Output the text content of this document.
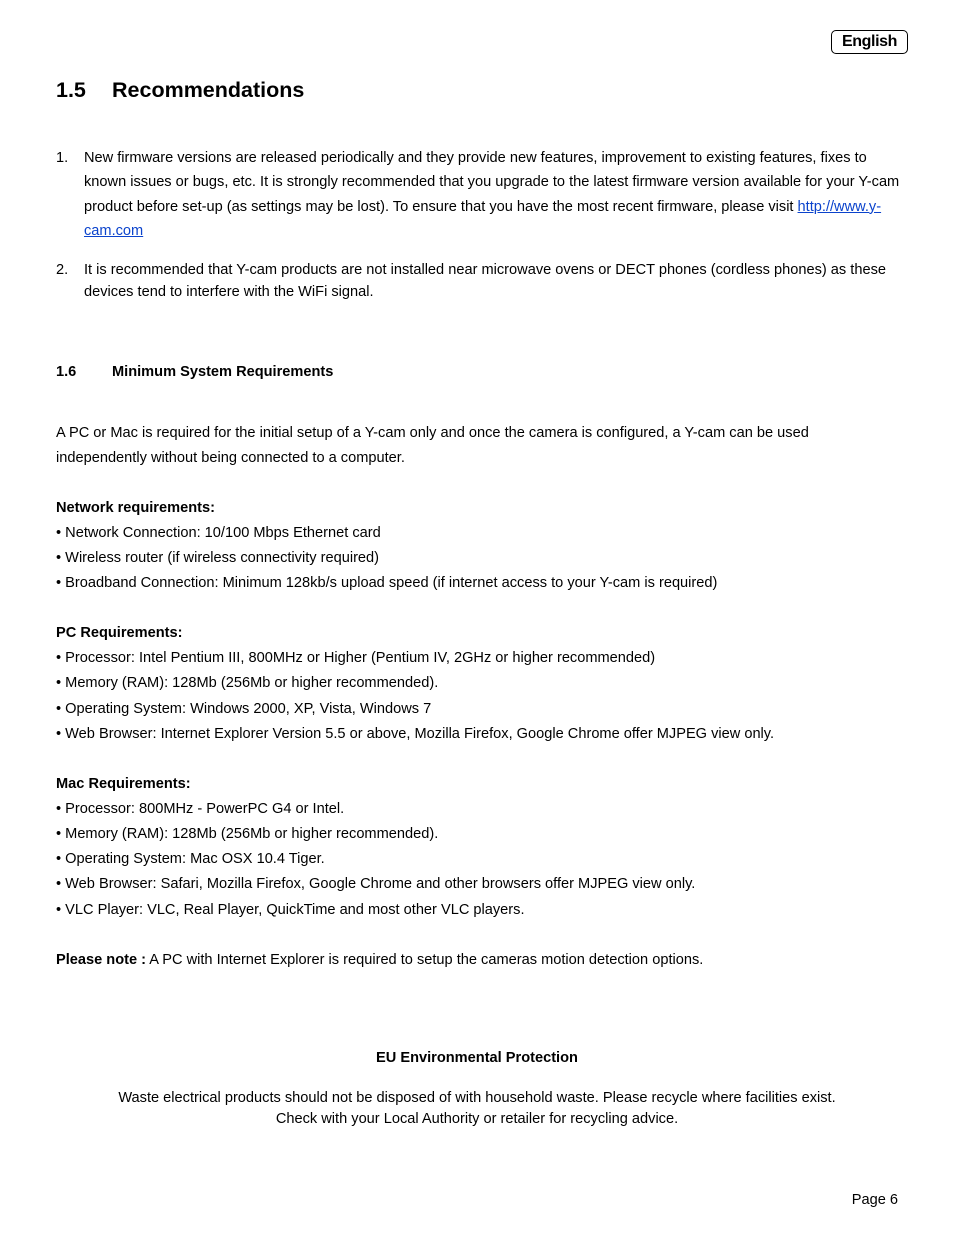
English
1.5 Recommendations
1. New firmware versions are released periodically and they provide new features, improvement to existing features, fixes to known issues or bugs, etc. It is strongly recommended that you upgrade to the latest firmware version available for your Y-cam product before set-up (as settings may be lost). To ensure that you have the most recent firmware, please visit http://www.y-cam.com
2. It is recommended that Y-cam products are not installed near microwave ovens or DECT phones (cordless phones) as these devices tend to interfere with the WiFi signal.
1.6 Minimum System Requirements
A PC or Mac is required for the initial setup of a Y-cam only and once the camera is configured, a Y-cam can be used independently without being connected to a computer.
Network requirements:
• Network Connection: 10/100 Mbps Ethernet card
• Wireless router (if wireless connectivity required)
• Broadband Connection: Minimum 128kb/s upload speed (if internet access to your Y-cam is required)
PC Requirements:
• Processor: Intel Pentium III, 800MHz or Higher (Pentium IV, 2GHz or higher recommended)
• Memory (RAM): 128Mb (256Mb or higher recommended).
• Operating System: Windows 2000, XP, Vista, Windows 7
• Web Browser: Internet Explorer Version 5.5 or above, Mozilla Firefox, Google Chrome offer MJPEG view only.
Mac Requirements:
• Processor: 800MHz - PowerPC G4 or Intel.
• Memory (RAM): 128Mb (256Mb or higher recommended).
• Operating System: Mac OSX 10.4 Tiger.
• Web Browser: Safari, Mozilla Firefox, Google Chrome and other browsers offer MJPEG view only.
• VLC Player: VLC, Real Player, QuickTime and most other VLC players.
Please note : A PC with Internet Explorer is required to setup the cameras motion detection options.
EU Environmental Protection
Waste electrical products should not be disposed of with household waste. Please recycle where facilities exist.
Check with your Local Authority or retailer for recycling advice.
Page 6
